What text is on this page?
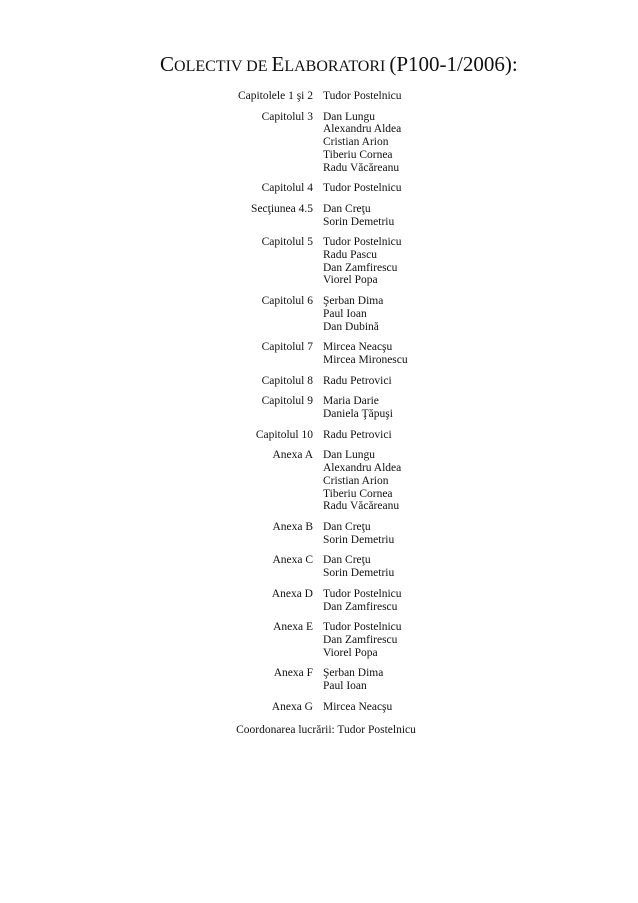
COLECTIV DE ELABORATORI (P100-1/2006):
Capitolele 1 şi 2 Tudor Postelnicu
Capitolul 3 Dan Lungu
Alexandru Aldea
Cristian Arion
Tiberiu Cornea
Radu Văcăreanu
Capitolul 4 Tudor Postelnicu
Secţiunea 4.5 Dan Creţu
Sorin Demetriu
Capitolul 5 Tudor Postelnicu
Radu Pascu
Dan Zamfirescu
Viorel Popa
Capitolul 6 Şerban Dima
Paul Ioan
Dan Dubină
Capitolul 7 Mircea Neacşu
Mircea Mironescu
Capitolul 8 Radu Petrovici
Capitolul 9 Maria Darie
Daniela Ţăpuşi
Capitolul 10 Radu Petrovici
Anexa A Dan Lungu
Alexandru Aldea
Cristian Arion
Tiberiu Cornea
Radu Văcăreanu
Anexa B Dan Creţu
Sorin Demetriu
Anexa C Dan Creţu
Sorin Demetriu
Anexa D Tudor Postelnicu
Dan Zamfirescu
Anexa E Tudor Postelnicu
Dan Zamfirescu
Viorel Popa
Anexa F Şerban Dima
Paul Ioan
Anexa G Mircea Neacşu
Coordonarea lucrării: Tudor Postelnicu
